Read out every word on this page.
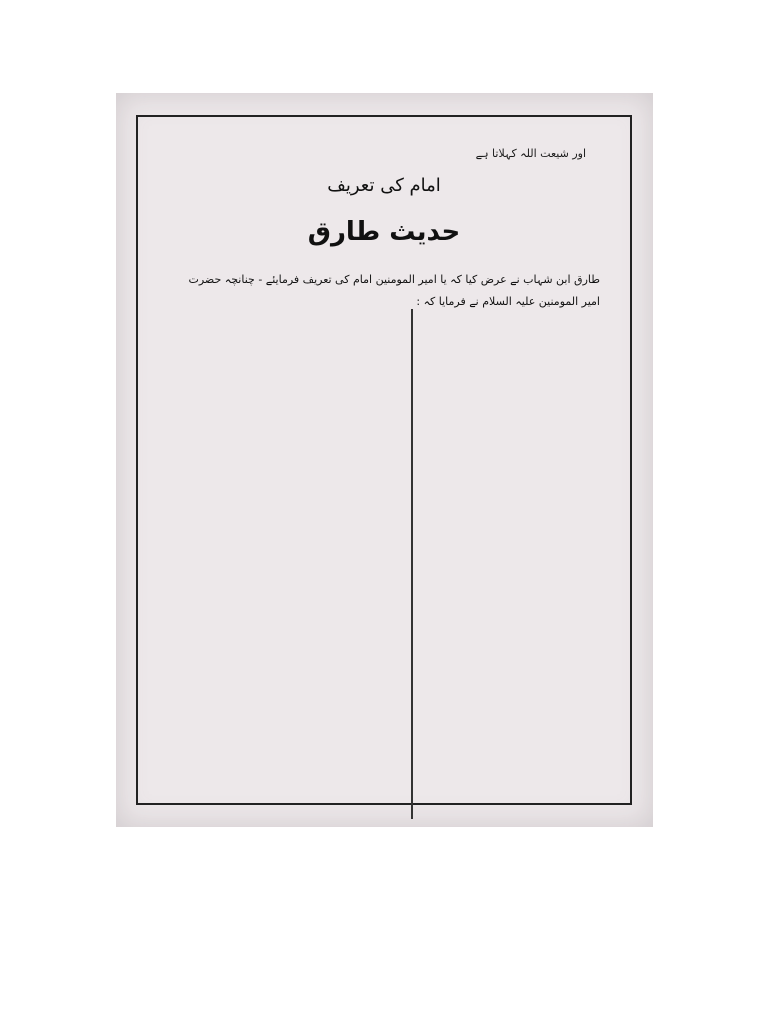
اور شیعت اللہ کہلاتا ہے
امام کی تعریف
حدیث طارق
طارق ابن شہاب نے عرض کیا کہ یا امیر المومنین امام کی تعریف فرمایئے - چنانچہ حضرت امیر المومنین علیہ السلام نے فرمایا کہ :
